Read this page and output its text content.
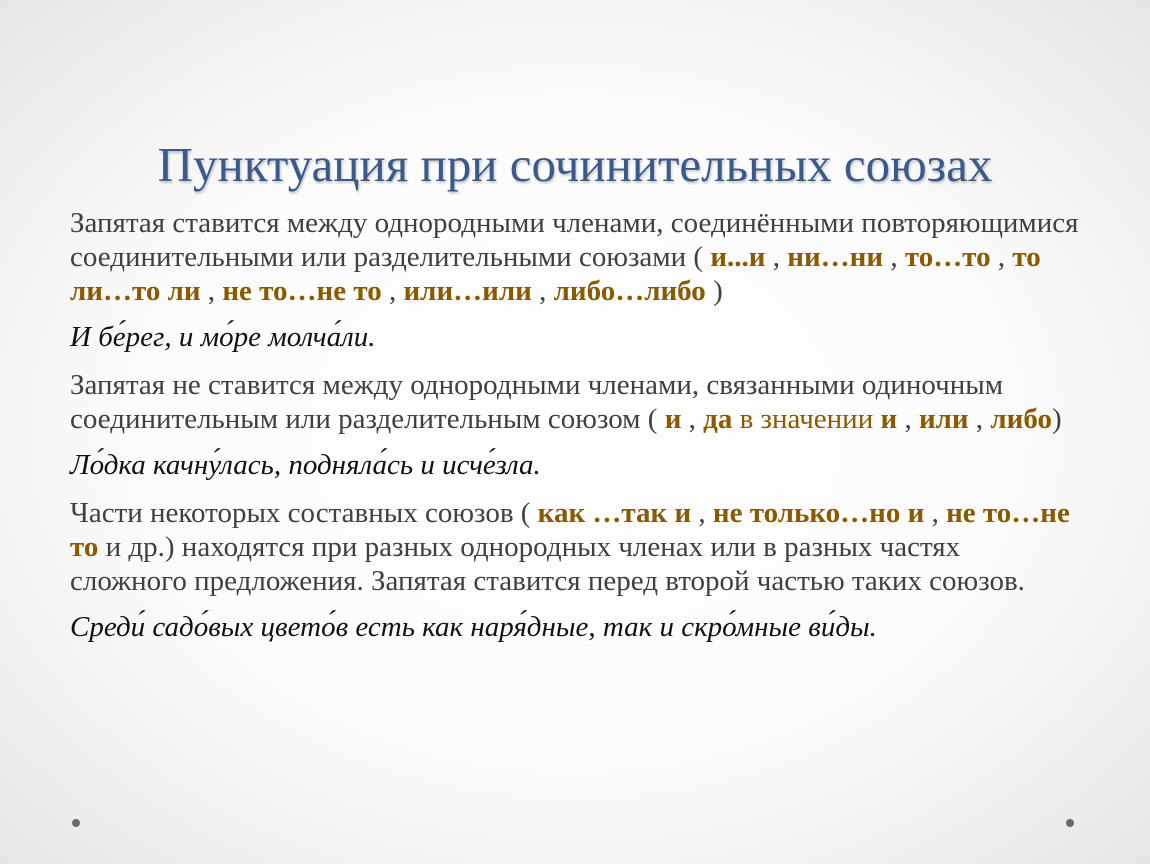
Пунктуация при сочинительных союзах

Запятая ставится между однородными членами, соединёнными повторяющимися соединительными или разделительными союзами ( и...и , ни…ни , то…то , то ли…то ли , не то…не то , или…или , либо…либо )

И бе́рег, и мо́ре молча́ли.

Запятая не ставится между однородными членами, связанными одиночным соединительным или разделительным союзом ( и , да в значении и , или , либо)

Ло́дка качну́лась, подняла́сь и исче́зла.

Части некоторых составных союзов ( как …так и , не только…но и , не то…не то и др.) находятся при разных однородных членах или в разных частях сложного предложения. Запятая ставится перед второй частью таких союзов.

Среди́ садо́вых цвето́в есть как наря́дные, так и скро́мные ви́ды.
